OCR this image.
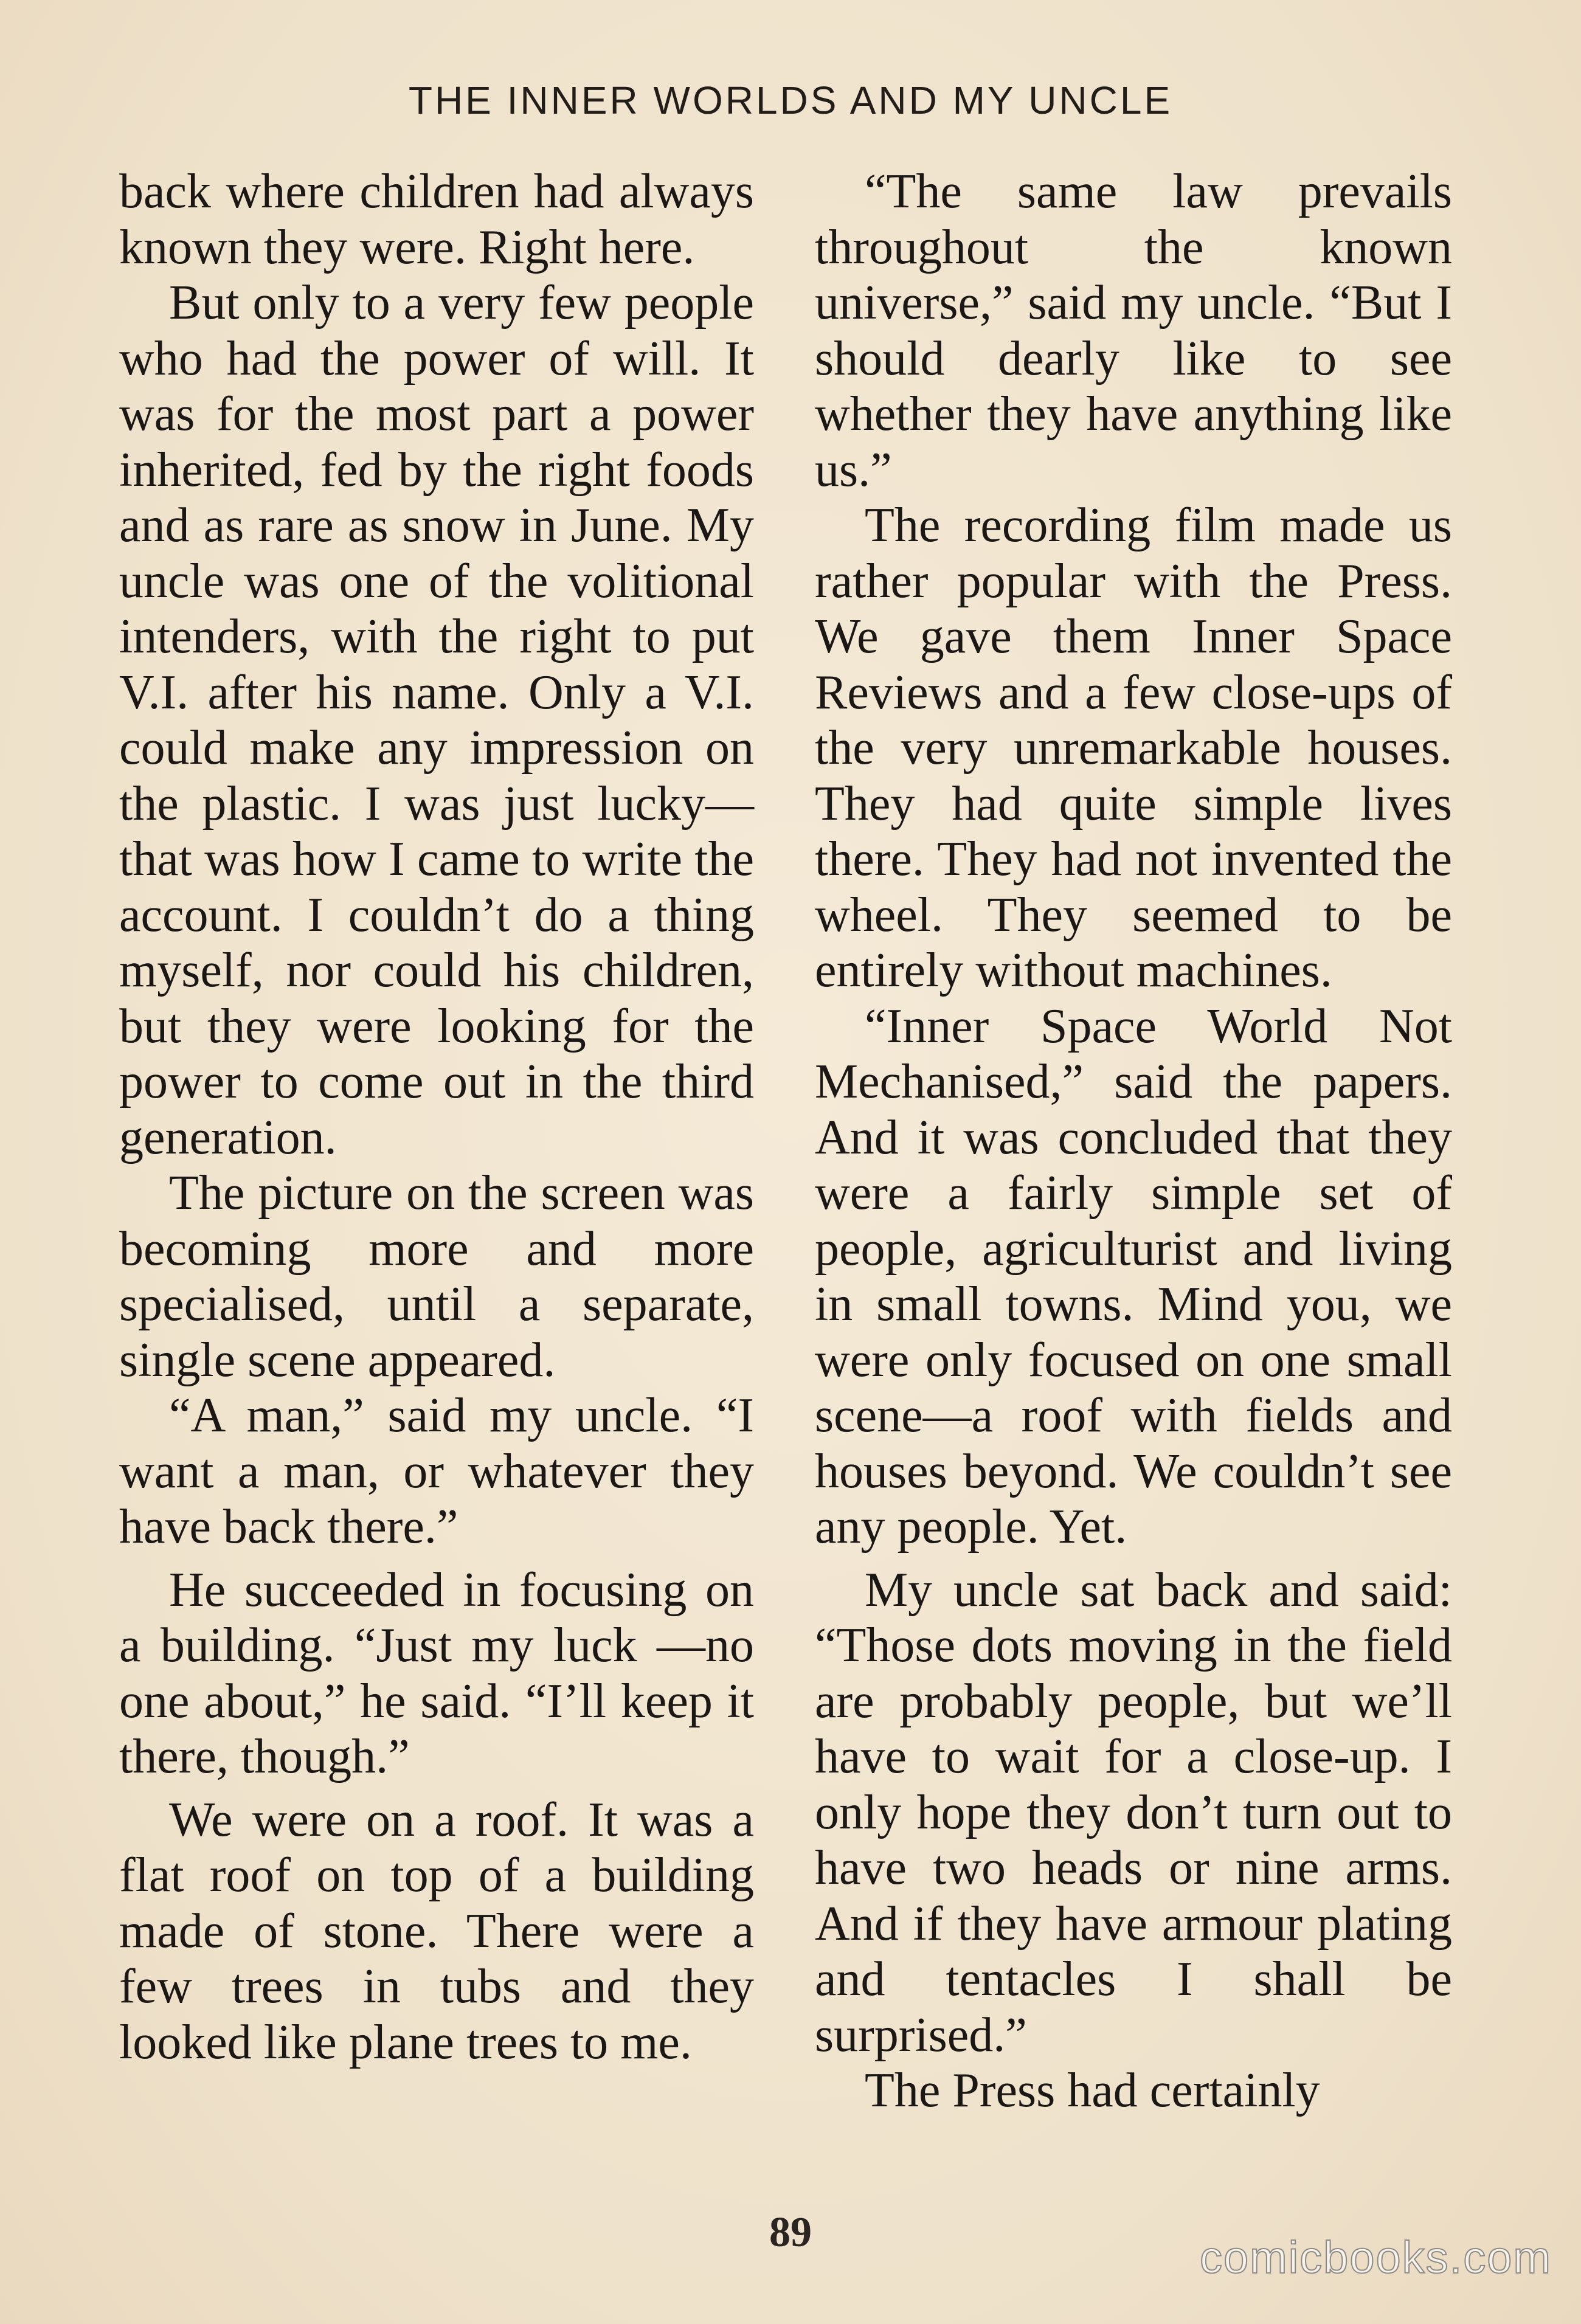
THE INNER WORLDS AND MY UNCLE

back where children had always known they were. Right here.

But only to a very few people who had the power of will. It was for the most part a power inherited, fed by the right foods and as rare as snow in June. My uncle was one of the volitional intenders, with the right to put V.I. after his name. Only a V.I. could make any impression on the plastic. I was just lucky—that was how I came to write the account. I couldn’t do a thing myself, nor could his children, but they were looking for the power to come out in the third generation.

The picture on the screen was becoming more and more specialised, until a separate, single scene appeared.

“A man,” said my uncle. “I want a man, or whatever they have back there.”

He succeeded in focusing on a building. “Just my luck —no one about,” he said. “I’ll keep it there, though.”

We were on a roof. It was a flat roof on top of a building made of stone. There were a few trees in tubs and they looked like plane trees to me.

“The same law prevails throughout the known universe,” said my uncle. “But I should dearly like to see whether they have anything like us.”

The recording film made us rather popular with the Press. We gave them Inner Space Reviews and a few close-ups of the very unremarkable houses. They had quite simple lives there. They had not invented the wheel. They seemed to be entirely without machines.

“Inner Space World Not Mechanised,” said the papers. And it was concluded that they were a fairly simple set of people, agriculturist and living in small towns. Mind you, we were only focused on one small scene—a roof with fields and houses beyond. We couldn’t see any people. Yet.

My uncle sat back and said: “Those dots moving in the field are probably people, but we’ll have to wait for a close-up. I only hope they don’t turn out to have two heads or nine arms. And if they have armour plating and tentacles I shall be surprised.”

The Press had certainly

89	comicbooks.com
